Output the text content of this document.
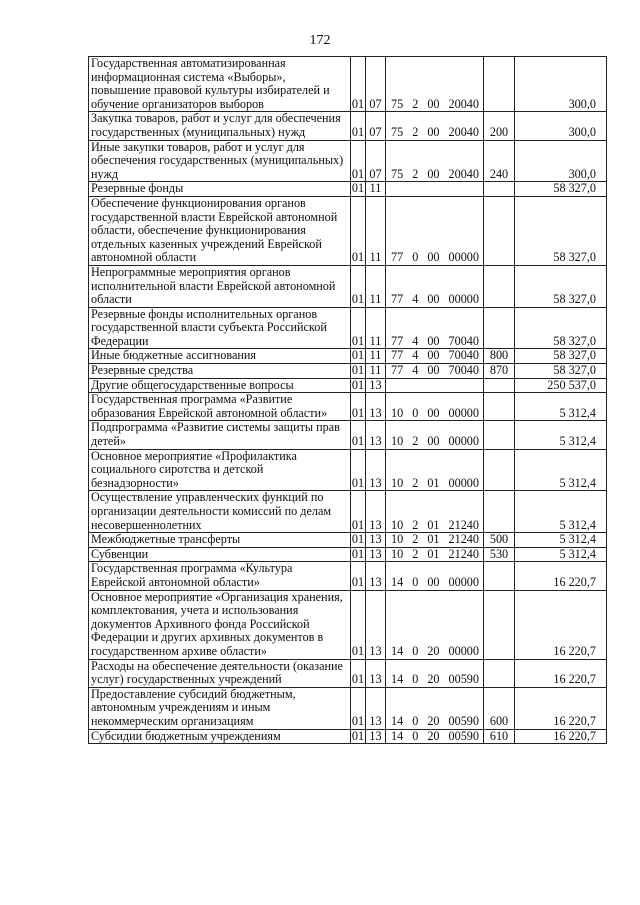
172
Государственная автоматизированная информационная система «Выборы», повышение правовой культуры избирателей и обучение организаторов выборов	01	07	75 2 00 20040		300,0
Закупка товаров, работ и услуг для обеспечения государственных (муниципальных) нужд	01	07	75 2 00 20040	200	300,0
Иные закупки товаров, работ и услуг для обеспечения государственных (муниципальных) нужд	01	07	75 2 00 20040	240	300,0
Резервные фонды	01	11			58 327,0
Обеспечение функционирования органов государственной власти Еврейской автономной области, обеспечение функционирования отдельных казенных учреждений Еврейской автономной области	01	11	77 0 00 00000		58 327,0
Непрограммные мероприятия органов исполнительной власти Еврейской автономной области	01	11	77 4 00 00000		58 327,0
Резервные фонды исполнительных органов государственной власти субъекта Российской Федерации	01	11	77 4 00 70040		58 327,0
Иные бюджетные ассигнования	01	11	77 4 00 70040	800	58 327,0
Резервные средства	01	11	77 4 00 70040	870	58 327,0
Другие общегосударственные вопросы	01	13			250 537,0
Государственная программа «Развитие образования Еврейской автономной области»	01	13	10 0 00 00000		5 312,4
Подпрограмма «Развитие системы защиты прав детей»	01	13	10 2 00 00000		5 312,4
Основное мероприятие «Профилактика социального сиротства и детской безнадзорности»	01	13	10 2 01 00000		5 312,4
Осуществление управленческих функций по организации деятельности комиссий по делам несовершеннолетних	01	13	10 2 01 21240		5 312,4
Межбюджетные трансферты	01	13	10 2 01 21240	500	5 312,4
Субвенции	01	13	10 2 01 21240	530	5 312,4
Государственная программа «Культура Еврейской автономной области»	01	13	14 0 00 00000		16 220,7
Основное мероприятие «Организация хранения, комплектования, учета и использования документов Архивного фонда Российской Федерации и других архивных документов в государственном архиве области»	01	13	14 0 20 00000		16 220,7
Расходы на обеспечение деятельности (оказание услуг) государственных учреждений	01	13	14 0 20 00590		16 220,7
Предоставление субсидий бюджетным, автономным учреждениям и иным некоммерческим организациям	01	13	14 0 20 00590	600	16 220,7
Субсидии бюджетным учреждениям	01	13	14 0 20 00590	610	16 220,7
